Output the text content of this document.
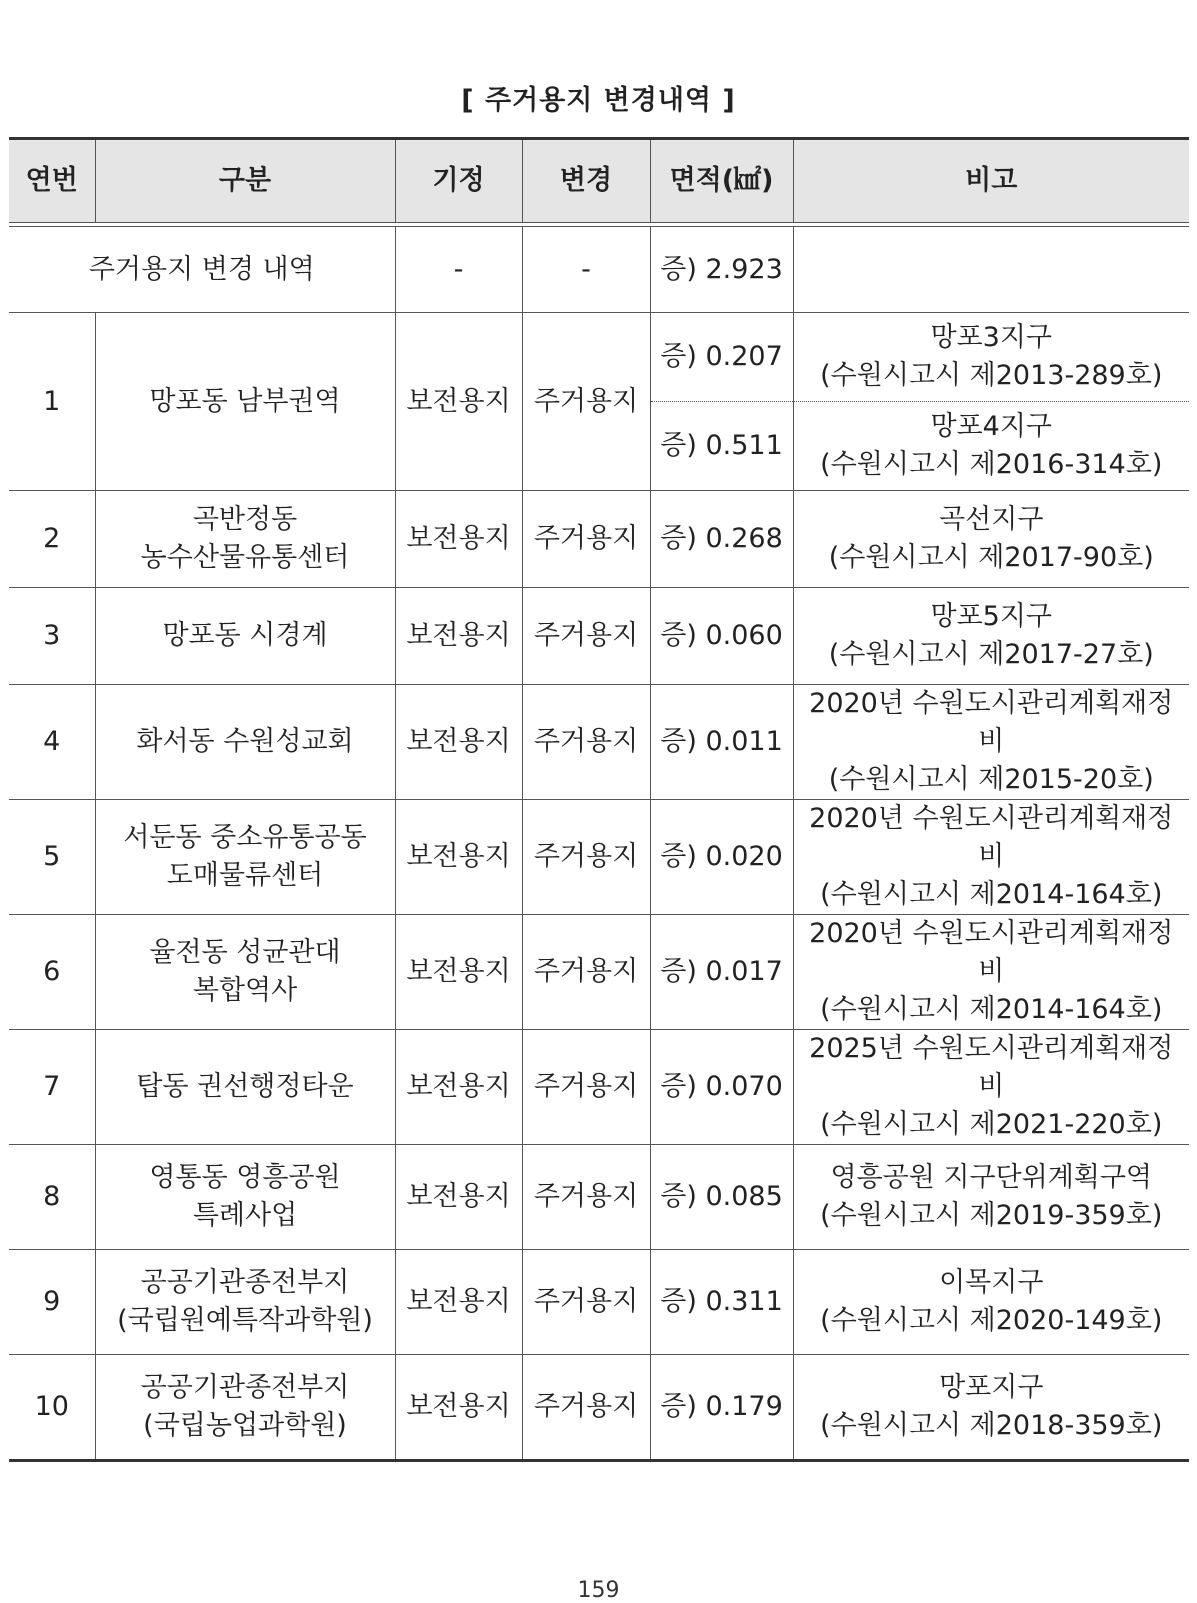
[ 주거용지 변경내역 ]
연번	구분	기정	변경	면적(㎢)	비고

주거용지 변경 내역		-	-	증) 2.923	
1	망포동 남부권역	보전용지	주거용지	증) 0.207	망포3지구
(수원시고시 제2013-289호)

				증) 0.511	망포4지구
(수원시고시 제2016-314호)

2	곡반정동
농수산물유통센터	보전용지	주거용지	증) 0.268	곡선지구
(수원시고시 제2017-90호)

3	망포동 시경계	보전용지	주거용지	증) 0.060	망포5지구
(수원시고시 제2017-27호)

4	화서동 수원성교회	보전용지	주거용지	증) 0.011	2020년 수원도시관리계획재정비
(수원시고시 제2015-20호)

5	서둔동 중소유통공동
도매물류센터	보전용지	주거용지	증) 0.020	2020년 수원도시관리계획재정비
(수원시고시 제2014-164호)

6	율전동 성균관대
복합역사	보전용지	주거용지	증) 0.017	2020년 수원도시관리계획재정비
(수원시고시 제2014-164호)

7	탑동 권선행정타운	보전용지	주거용지	증) 0.070	2025년 수원도시관리계획재정비
(수원시고시 제2021-220호)

8	영통동 영흥공원
특례사업	보전용지	주거용지	증) 0.085	영흥공원 지구단위계획구역
(수원시고시 제2019-359호)

9	공공기관종전부지
(국립원예특작과학원)	보전용지	주거용지	증) 0.311	이목지구
(수원시고시 제2020-149호)

10	공공기관종전부지
(국립농업과학원)	보전용지	주거용지	증) 0.179	망포지구
(수원시고시 제2018-359호)
159
